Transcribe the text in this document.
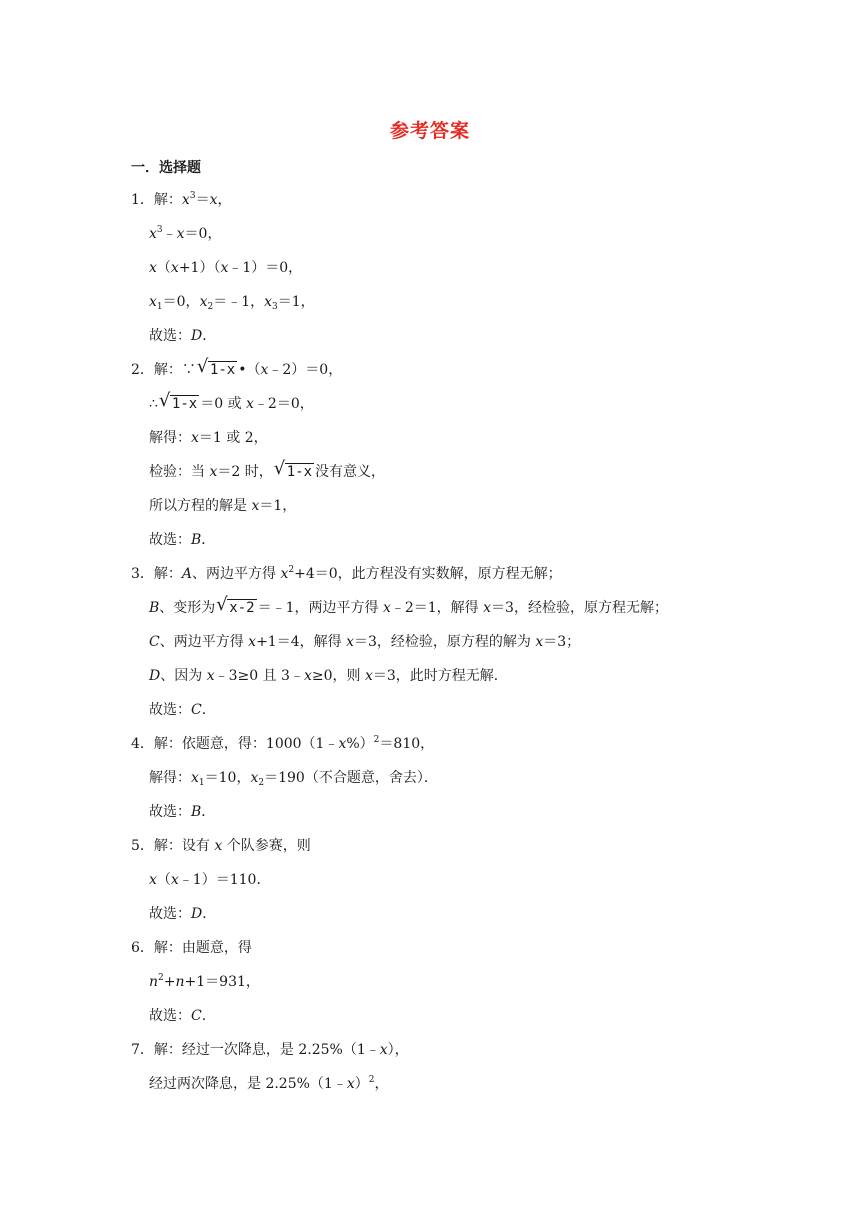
参考答案
一．选择题
1．解：$x^3=x$，
$x^3﹣x=0$，
x（x+1）（x﹣1）＝0，
$x_1=0$，$x_2=﹣1$，$x_3=1$，
故选：D．
2．解：∵ √ 1-x •（x﹣2）＝0，
∴ √ 1-x ＝0 或 x﹣2＝0，
解得：x＝1 或 2，
检验：当 x＝2 时， √ 1-x 没有意义，
所以方程的解是 x＝1，
故选：B．
3．解：A、两边平方得 $x^2+4=0$，此方程没有实数解，原方程无解；
B、变形为 √ x-2 ＝﹣1，两边平方得 x﹣2＝1，解得 x＝3，经检验，原方程无解；
C、两边平方得 x+1＝4，解得 x＝3，经检验，原方程的解为 x＝3；
D、因为 x﹣3≥0 且 3﹣x≥0，则 x＝3，此时方程无解．
故选：C．
4．解：依题意，得：1000（1﹣x%）$^2$＝810，
解得：$x_1=10$，$x_2=190$（不合题意，舍去）．
故选：B．
5．解：设有 x 个队参赛，则
x（x﹣1）＝110．
故选：D．
6．解：由题意，得
$n^2+n+1=931$，
故选：C．
7．解：经过一次降息，是 2.25%（1﹣x），
经过两次降息，是 2.25%（1﹣x）$^2$，
